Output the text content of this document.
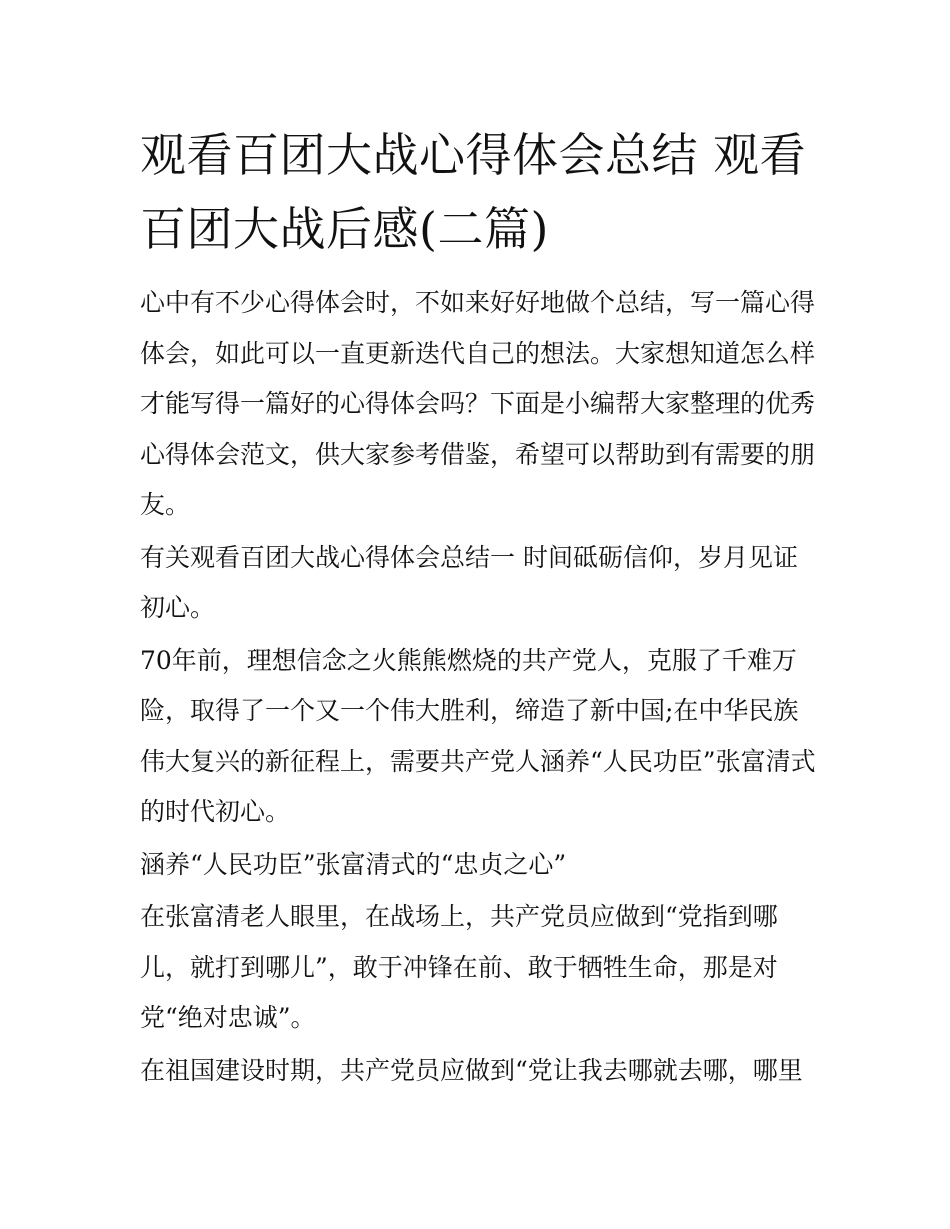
观看百团大战心得体会总结 观看百团大战后感(二篇)

心中有不少心得体会时，不如来好好地做个总结，写一篇心得体会，如此可以一直更新迭代自己的想法。大家想知道怎么样才能写得一篇好的心得体会吗？下面是小编帮大家整理的优秀心得体会范文，供大家参考借鉴，希望可以帮助到有需要的朋友。

有关观看百团大战心得体会总结一 时间砥砺信仰，岁月见证初心。

70年前，理想信念之火熊熊燃烧的共产党人，克服了千难万险，取得了一个又一个伟大胜利，缔造了新中国;在中华民族伟大复兴的新征程上，需要共产党人涵养“人民功臣”张富清式的时代初心。

涵养“人民功臣”张富清式的“忠贞之心”

在张富清老人眼里，在战场上，共产党员应做到“党指到哪儿，就打到哪儿”，敢于冲锋在前、敢于牺牲生命，那是对党“绝对忠诚”。

在祖国建设时期，共产党员应做到“党让我去哪就去哪，哪里
